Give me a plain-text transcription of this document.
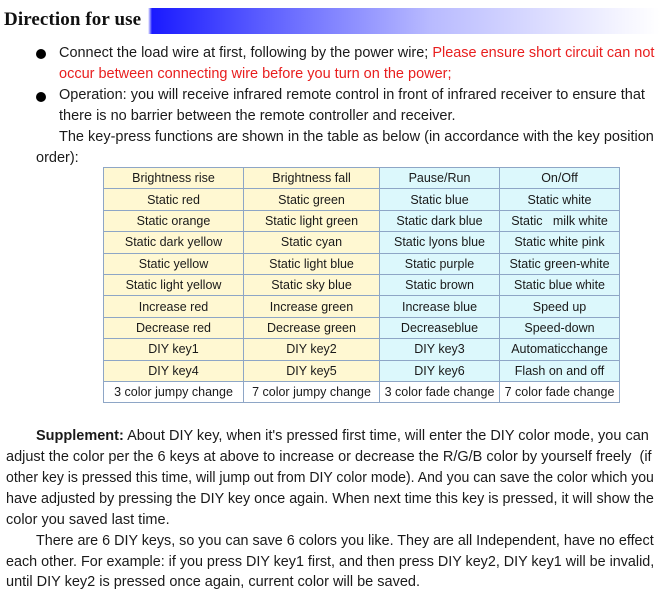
Direction for use
Connect the load wire at first, following by the power wire; Please ensure short circuit can not
occur between connecting wire before you turn on the power;
Operation: you will receive infrared remote control in front of infrared receiver to ensure that
there is no barrier between the remote controller and receiver.
The key-press functions are shown in the table as below (in accordance with the key position
order):
Brightness rise	Brightness fall	Pause/Run	On/Off
Static red	Static green	Static blue	Static white
Static orange	Static light green	Static dark blue	Static   milk white
Static dark yellow	Static cyan	Static lyons blue	Static white pink
Static yellow	Static light blue	Static purple	Static green-white
Static light yellow	Static sky blue	Static brown	Static blue white
Increase red	Increase green	Increase blue	Speed up
Decrease red	Decrease green	Decreaseblue	Speed-down
DIY key1	DIY key2	DIY key3	Automaticchange
DIY key4	DIY key5	DIY key6	Flash on and off
3 color jumpy change	7 color jumpy change	3 color fade change	7 color fade change
Supplement: About DIY key, when it's pressed first time, will enter the DIY color mode, you can
adjust the color per the 6 keys at above to increase or decrease the R/G/B color by yourself freely  (if
other key is pressed this time, will jump out from DIY color mode). And you can save the color which you
have adjusted by pressing the DIY key once again. When next time this key is pressed, it will show the
color you saved last time.
There are 6 DIY keys, so you can save 6 colors you like. They are all Independent, have no effect
each other. For example: if you press DIY key1 first, and then press DIY key2, DIY key1 will be invalid,
until DIY key2 is pressed once again, current color will be saved.
